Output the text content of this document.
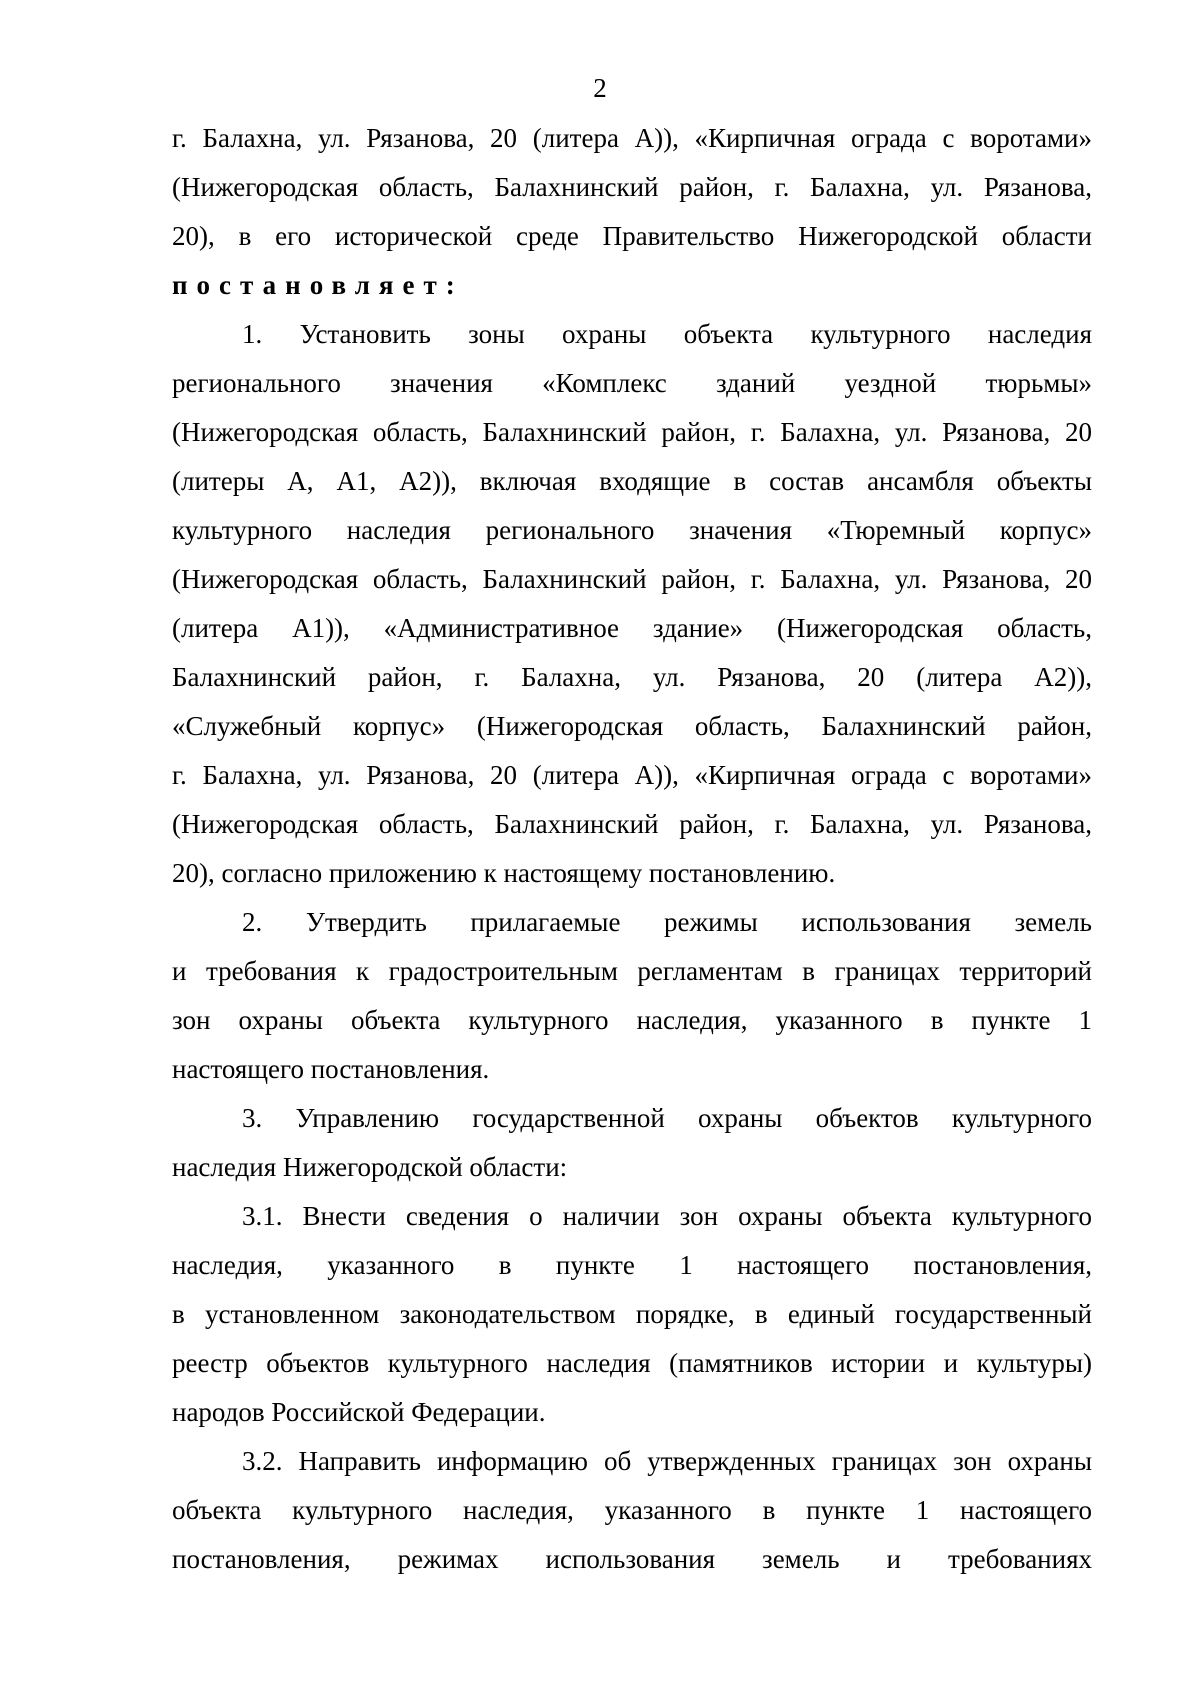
2

г. Балахна, ул. Рязанова, 20 (литера А)), «Кирпичная ограда с воротами»
(Нижегородская область, Балахнинский район, г. Балахна, ул. Рязанова,
20), в его исторической среде Правительство Нижегородской области
постановляет:

1. Установить зоны охраны объекта культурного наследия
регионального значения «Комплекс зданий уездной тюрьмы»
(Нижегородская область, Балахнинский район, г. Балахна, ул. Рязанова, 20
(литеры А, А1, А2)), включая входящие в состав ансамбля объекты
культурного наследия регионального значения «Тюремный корпус»
(Нижегородская область, Балахнинский район, г. Балахна, ул. Рязанова, 20
(литера А1)), «Административное здание» (Нижегородская область,
Балахнинский район, г. Балахна, ул. Рязанова, 20 (литера А2)),
«Служебный корпус» (Нижегородская область, Балахнинский район,
г. Балахна, ул. Рязанова, 20 (литера А)), «Кирпичная ограда с воротами»
(Нижегородская область, Балахнинский район, г. Балахна, ул. Рязанова,
20), согласно приложению к настоящему постановлению.

2. Утвердить прилагаемые режимы использования земель
и требования к градостроительным регламентам в границах территорий
зон охраны объекта культурного наследия, указанного в пункте 1
настоящего постановления.

3. Управлению государственной охраны объектов культурного
наследия Нижегородской области:

3.1. Внести сведения о наличии зон охраны объекта культурного
наследия, указанного в пункте 1 настоящего постановления,
в установленном законодательством порядке, в единый государственный
реестр объектов культурного наследия (памятников истории и культуры)
народов Российской Федерации.

3.2. Направить информацию об утвержденных границах зон охраны
объекта культурного наследия, указанного в пункте 1 настоящего
постановления, режимах использования земель и требованиях
